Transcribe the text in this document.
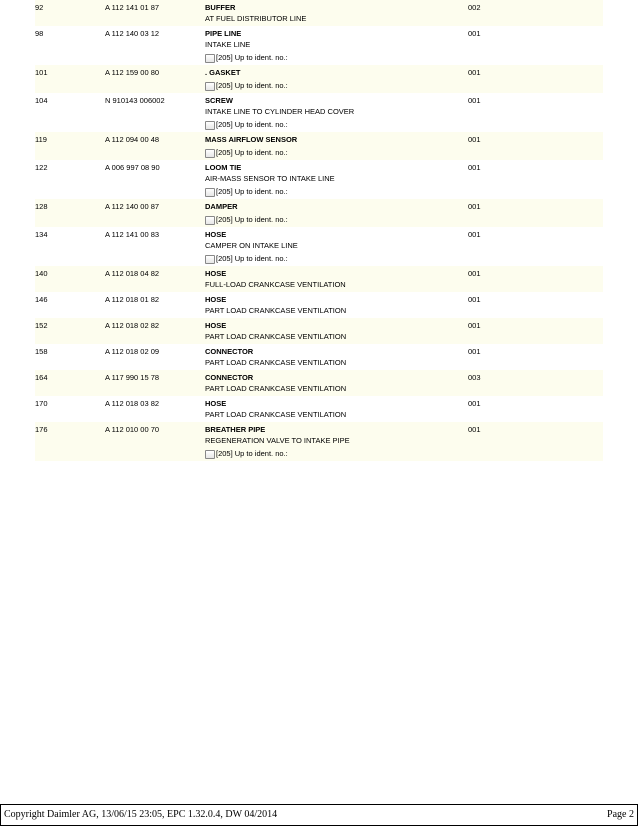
92	A 112 141 01 87	002
BUFFER
AT FUEL DISTRIBUTOR LINE
98	A 112 140 03 12	001
PIPE LINE
INTAKE LINE
[205] Up to ident. no.:
101	A 112 159 00 80	001
. GASKET
[205] Up to ident. no.:
104	N 910143 006002	001
SCREW
INTAKE LINE TO CYLINDER HEAD COVER
[205] Up to ident. no.:
119	A 112 094 00 48	001
MASS AIRFLOW SENSOR
[205] Up to ident. no.:
122	A 006 997 08 90	001
LOOM TIE
AIR-MASS SENSOR TO INTAKE LINE
[205] Up to ident. no.:
128	A 112 140 00 87	001
DAMPER
[205] Up to ident. no.:
134	A 112 141 00 83	001
HOSE
CAMPER ON INTAKE LINE
[205] Up to ident. no.:
140	A 112 018 04 82	001
HOSE
FULL-LOAD CRANKCASE VENTILATION
146	A 112 018 01 82	001
HOSE
PART LOAD CRANKCASE VENTILATION
152	A 112 018 02 82	001
HOSE
PART LOAD CRANKCASE VENTILATION
158	A 112 018 02 09	001
CONNECTOR
PART LOAD CRANKCASE VENTILATION
164	A 117 990 15 78	003
CONNECTOR
PART LOAD CRANKCASE VENTILATION
170	A 112 018 03 82	001
HOSE
PART LOAD CRANKCASE VENTILATION
176	A 112 010 00 70	001
BREATHER PIPE
REGENERATION VALVE TO INTAKE PIPE
[205] Up to ident. no.:
Copyright Daimler AG, 13/06/15 23:05, EPC 1.32.0.4, DW 04/2014	Page 2
